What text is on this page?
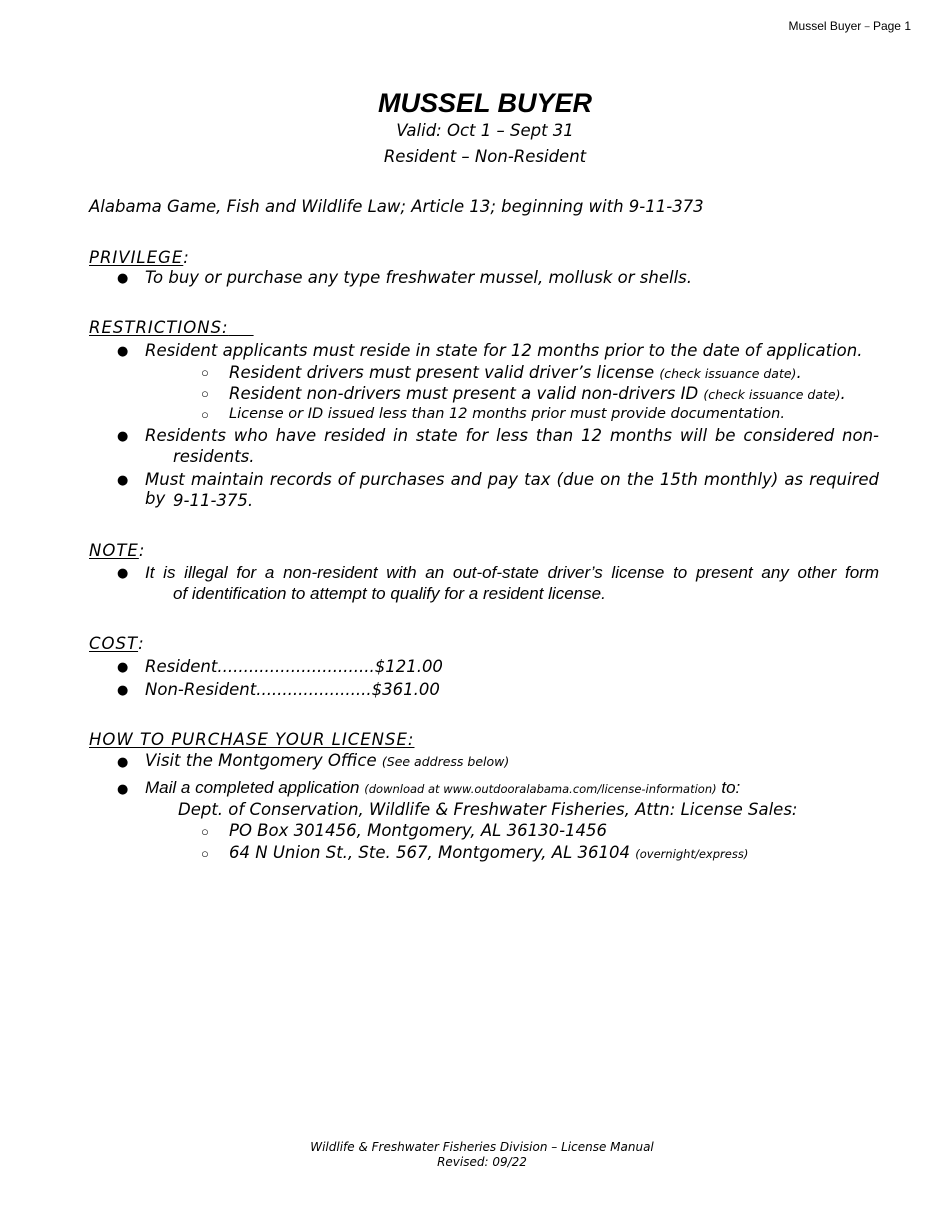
Mussel Buyer – Page 1
MUSSEL BUYER
Valid: Oct 1 – Sept 31
Resident – Non-Resident
Alabama Game, Fish and Wildlife Law; Article 13; beginning with 9-11-373
PRIVILEGE:
● To buy or purchase any type freshwater mussel, mollusk or shells.
RESTRICTIONS:
● Resident applicants must reside in state for 12 months prior to the date of application.
○ Resident drivers must present valid driver’s license (check issuance date).
○ Resident non-drivers must present a valid non-drivers ID (check issuance date).
○ License or ID issued less than 12 months prior must provide documentation.
● Residents who have resided in state for less than 12 months will be considered non-
residents.
● Must maintain records of purchases and pay tax (due on the 15th monthly) as required by 9-11-375.
NOTE:
● It is illegal for a non-resident with an out-of-state driver’s license to present any other form
of identification to attempt to qualify for a resident license.
COST:
● Resident..............................$121.00
● Non-Resident......................$361.00
HOW TO PURCHASE YOUR LICENSE:
● Visit the Montgomery Office (See address below)
● Mail a completed application (download at www.outdooralabama.com/license-information) to:
Dept. of Conservation, Wildlife & Freshwater Fisheries, Attn: License Sales:
○ PO Box 301456, Montgomery, AL 36130-1456
○ 64 N Union St., Ste. 567, Montgomery, AL 36104 (overnight/express)
Wildlife & Freshwater Fisheries Division – License Manual
Revised: 09/22
